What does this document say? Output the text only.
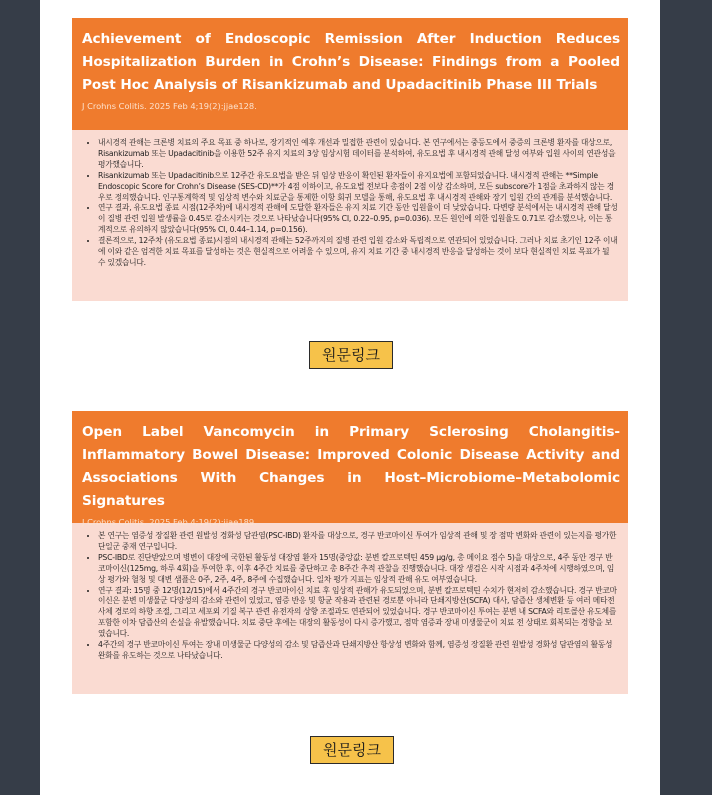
Achievement of Endoscopic Remission After Induction Reduces Hospitalization Burden in Crohn’s Disease: Findings from a Pooled Post Hoc Analysis of Risankizumab and Upadacitinib Phase III Trials

J Crohns Colitis. 2025 Feb 4;19(2):jjae128.
• 내시경적 관해는 크론병 치료의 주요 목표 중 하나로, 장기적인 예후 개선과 밀접한 관련이 있습니다. 본 연구에서는 중등도에서 중증의 크론병 환자를 대상으로, Risankizumab 또는 Upadacitinib을 이용한 52주 유지 치료의 3상 임상시험 데이터를 분석하여, 유도요법 후 내시경적 관해 달성 여부와 입원 사이의 연관성을 평가했습니다.
• Risankizumab 또는 Upadacitinib으로 12주간 유도요법을 받은 뒤 임상 반응이 확인된 환자들이 유지요법에 포함되었습니다. 내시경적 관해는 **Simple Endoscopic Score for Crohn’s Disease (SES-CD)**가 4점 이하이고, 유도요법 전보다 총점이 2점 이상 감소하며, 모든 subscore가 1점을 초과하지 않는 경우로 정의했습니다. 인구통계학적 및 임상적 변수와 치료군을 통제한 이항 회귀 모델을 통해, 유도요법 후 내시경적 관해와 장기 입원 간의 관계를 분석했습니다.
• 연구 결과, 유도요법 종료 시점(12주차)에 내시경적 관해에 도달한 환자들은 유지 치료 기간 동안 입원율이 더 낮았습니다. 다변량 분석에서는 내시경적 관해 달성이 질병 관련 입원 발생률을 0.45로 감소시키는 것으로 나타났습니다(95% CI, 0.22–0.95, p=0.036). 모든 원인에 의한 입원율도 0.71로 감소했으나, 이는 통계적으로 유의하지 않았습니다(95% CI, 0.44–1.14, p=0.156).
• 결론적으로, 12주차 (유도요법 종료)시점의 내시경적 관해는 52주까지의 질병 관련 입원 감소와 독립적으로 연관되어 있었습니다. 그러나 치료 초기인 12주 이내에 이와 같은 엄격한 치료 목표를 달성하는 것은 현실적으로 어려울 수 있으며, 유지 치료 기간 중 내시경적 반응을 달성하는 것이 보다 현실적인 치료 목표가 될 수 있겠습니다.
원문링크

Open Label Vancomycin in Primary Sclerosing Cholangitis-Inflammatory Bowel Disease: Improved Colonic Disease Activity and Associations With Changes in Host–Microbiome–Metabolomic Signatures

J Crohns Colitis. 2025 Feb 4;19(2):jjae189.
• 본 연구는 염증성 장질환 관련 원발성 경화성 담관염(PSC-IBD) 환자를 대상으로, 경구 반코마이신 투여가 임상적 관해 및 장 점막 변화와 관련이 있는지를 평가한 단일군 중재 연구입니다.
• PSC-IBD로 진단받았으며 병변이 대장에 국한된 활동성 대장염 환자 15명(중앙값: 분변 칼프로텍틴 459 μg/g, 총 메이요 점수 5)을 대상으로, 4주 동안 경구 반코마이신(125mg, 하루 4회)을 투여한 후, 이후 4주간 치료를 중단하고 총 8주간 추적 관찰을 진행했습니다. 대장 생검은 시작 시점과 4주차에 시행하였으며, 임상 평가와 혈청 및 대변 샘플은 0주, 2주, 4주, 8주에 수집했습니다. 일차 평가 지표는 임상적 관해 유도 여부였습니다.
• 연구 결과: 15명 중 12명(12/15)에서 4주간의 경구 반코마이신 치료 후 임상적 관해가 유도되었으며, 분변 칼프로텍틴 수치가 현저히 감소했습니다. 경구 반코마이신은 분변 미생물군 다양성의 감소와 관련이 있었고, 염증 반응 및 항균 작용과 관련된 경로뿐 아니라 단쇄지방산(SCFA) 대사, 담즙산 생체변환 등 여러 메타전사체 경로의 하향 조절, 그리고 세포외 기질 복구 관련 유전자의 상향 조절과도 연관되어 있었습니다. 경구 반코마이신 투여는 분변 내 SCFA와 리토콜산 유도체를 포함한 이차 담즙산의 손실을 유발했습니다. 치료 중단 후에는 대장의 활동성이 다시 증가했고, 점막 염증과 장내 미생물군이 치료 전 상태로 회복되는 경향을 보였습니다.
• 4주간의 경구 반코마이신 투여는 장내 미생물군 다양성의 감소 및 담즙산과 단쇄지방산 항상성 변화와 함께, 염증성 장질환 관련 원발성 경화성 담관염의 활동성 완화를 유도하는 것으로 나타났습니다.
원문링크
